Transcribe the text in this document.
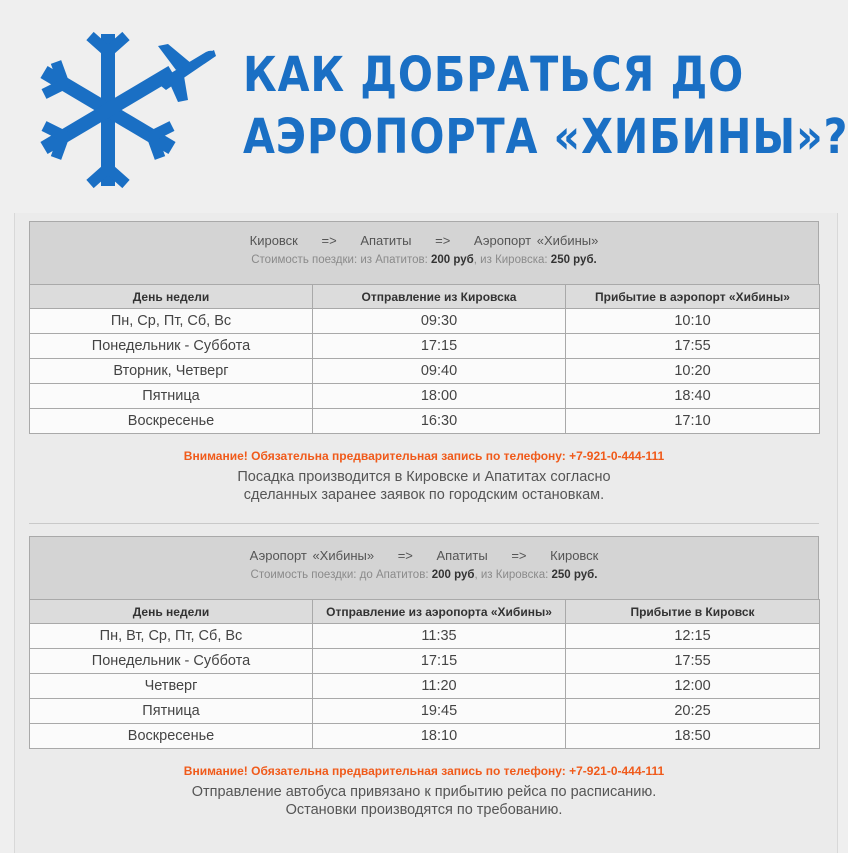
КАК ДОБРАТЬСЯ ДО
АЭРОПОРТА «ХИБИНЫ»?
Кировск => Апатиты => Аэропорт «Хибины»
Стоимость поездки: из Апатитов: 200 руб, из Кировска: 250 руб.
День недели	Отправление из Кировска	Прибытие в аэропорт «Хибины»
Пн, Ср, Пт, Сб, Вс	09:30	10:10
Понедельник - Суббота	17:15	17:55
Вторник, Четверг	09:40	10:20
Пятница	18:00	18:40
Воскресенье	16:30	17:10
Внимание! Обязательна предварительная запись по телефону: +7-921-0-444-111
Посадка производится в Кировске и Апатитах согласно
сделанных заранее заявок по городским остановкам.
Аэропорт «Хибины» => Апатиты => Кировск
Стоимость поездки: до Апатитов: 200 руб, из Кировска: 250 руб.
День недели	Отправление из аэропорта «Хибины»	Прибытие в Кировск
Пн, Вт, Ср, Пт, Сб, Вс	11:35	12:15
Понедельник - Суббота	17:15	17:55
Четверг	11:20	12:00
Пятница	19:45	20:25
Воскресенье	18:10	18:50
Внимание! Обязательна предварительная запись по телефону: +7-921-0-444-111
Отправление автобуса привязано к прибытию рейса по расписанию.
Остановки производятся по требованию.
